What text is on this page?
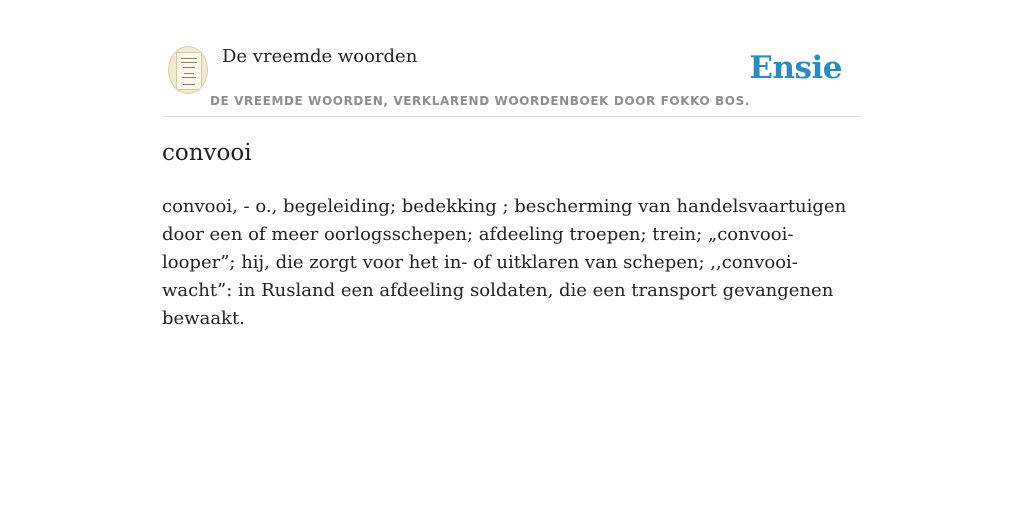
De vreemde woorden
DE VREEMDE WOORDEN, VERKLAREND WOORDENBOEK DOOR FOKKO BOS.
Ensie
convooi

convooi, - o., begeleiding; bedekking ; bescherming van handelsvaartuigen door een of meer oorlogsschepen; afdeeling troepen; trein; „convooi-looper”; hij, die zorgt voor het in- of uitklaren van schepen; ,,convooi-wacht”: in Rusland een afdeeling soldaten, die een transport gevangenen bewaakt.
